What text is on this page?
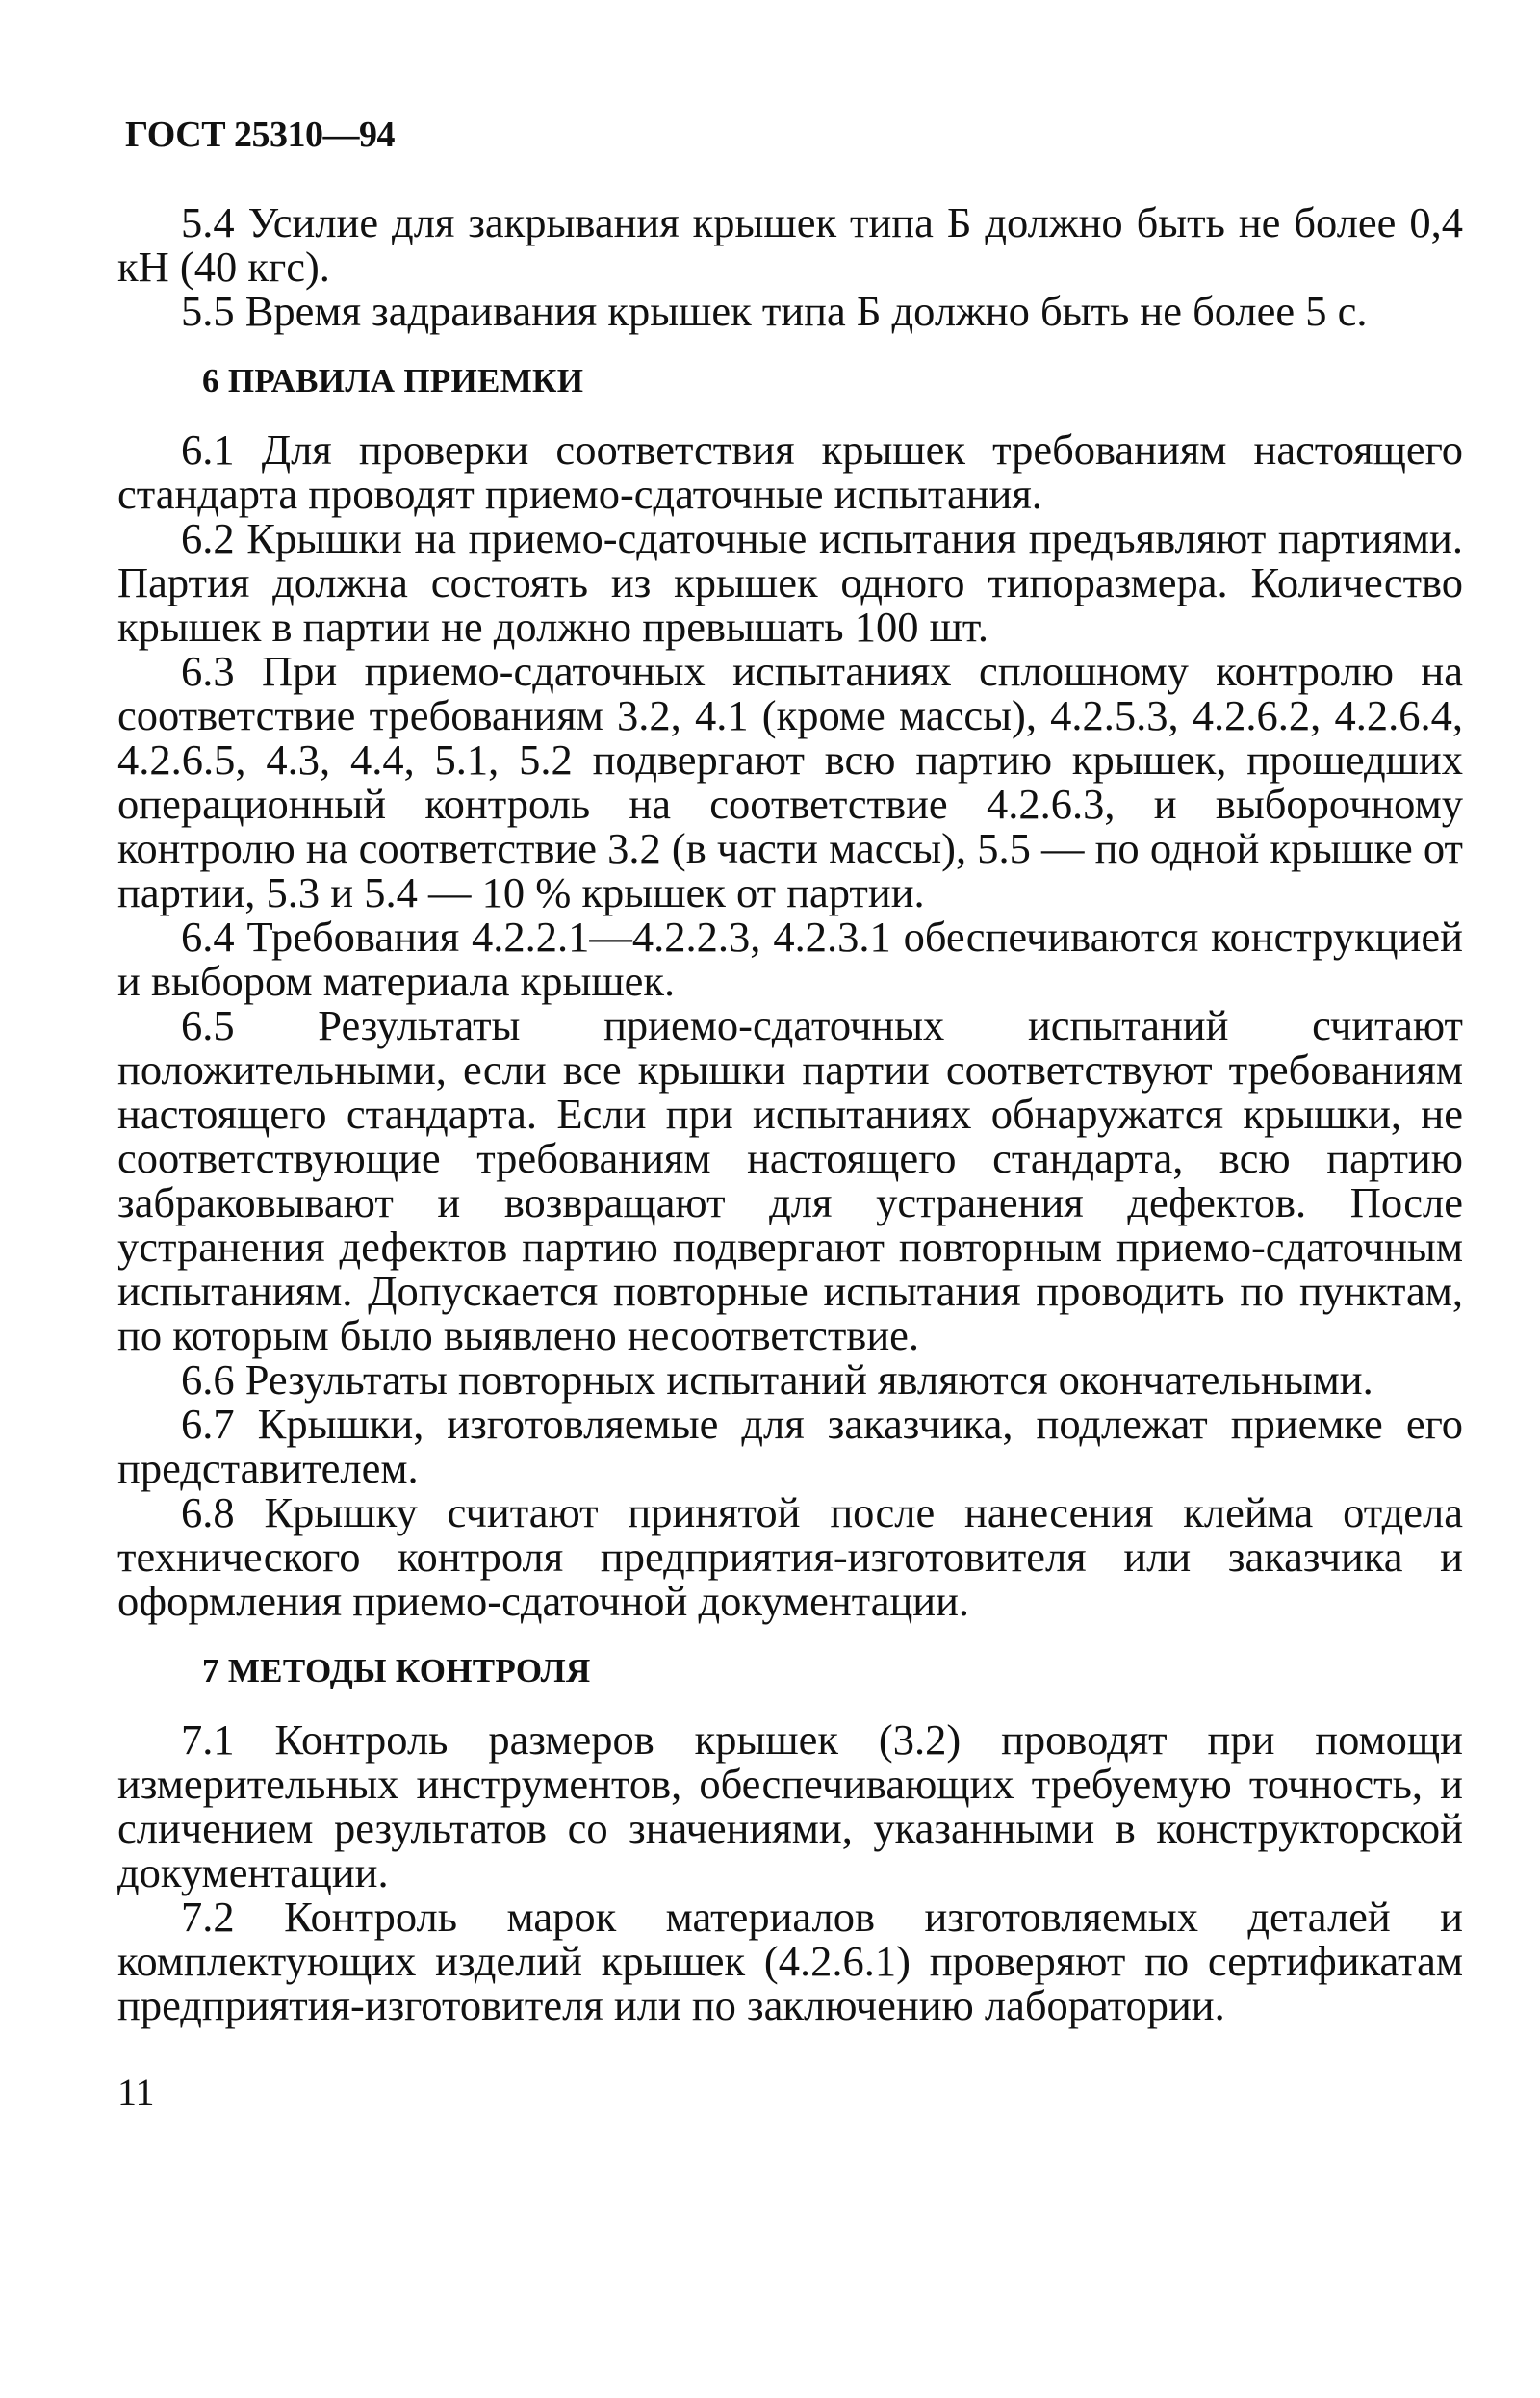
ГОСТ 25310—94

5.4 Усилие для закрывания крышек типа Б должно быть не более 0,4 кН (40 кгс).

5.5 Время задраивания крышек типа Б должно быть не более 5 с.

6 ПРАВИЛА ПРИЕМКИ

6.1 Для проверки соответствия крышек требованиям настоящего стандарта проводят приемо-сдаточные испытания.

6.2 Крышки на приемо-сдаточные испытания предъявляют партиями. Партия должна состоять из крышек одного типоразмера. Количество крышек в партии не должно превышать 100 шт.

6.3 При приемо-сдаточных испытаниях сплошному контролю на соответствие требованиям 3.2, 4.1 (кроме массы), 4.2.5.3, 4.2.6.2, 4.2.6.4, 4.2.6.5, 4.3, 4.4, 5.1, 5.2 подвергают всю партию крышек, прошедших операционный контроль на соответствие 4.2.6.3, и выборочному контролю на соответствие 3.2 (в части массы), 5.5 — по одной крышке от партии, 5.3 и 5.4 — 10 % крышек от партии.

6.4 Требования 4.2.2.1—4.2.2.3, 4.2.3.1 обеспечиваются конструкцией и выбором материала крышек.

6.5 Результаты приемо-сдаточных испытаний считают положительными, если все крышки партии соответствуют требованиям настоящего стандарта. Если при испытаниях обнаружатся крышки, не соответствующие требованиям настоящего стандарта, всю партию забраковывают и возвращают для устранения дефектов. После устранения дефектов партию подвергают повторным приемо-сдаточным испытаниям. Допускается повторные испытания проводить по пунктам, по которым было выявлено несоответствие.

6.6 Результаты повторных испытаний являются окончательными.

6.7 Крышки, изготовляемые для заказчика, подлежат приемке его представителем.

6.8 Крышку считают принятой после нанесения клейма отдела технического контроля предприятия-изготовителя или заказчика и оформления приемо-сдаточной документации.

7 МЕТОДЫ КОНТРОЛЯ

7.1 Контроль размеров крышек (3.2) проводят при помощи измерительных инструментов, обеспечивающих требуемую точность, и сличением результатов со значениями, указанными в конструкторской документации.

7.2 Контроль марок материалов изготовляемых деталей и комплектующих изделий крышек (4.2.6.1) проверяют по сертификатам предприятия-изготовителя или по заключению лаборатории.

11
